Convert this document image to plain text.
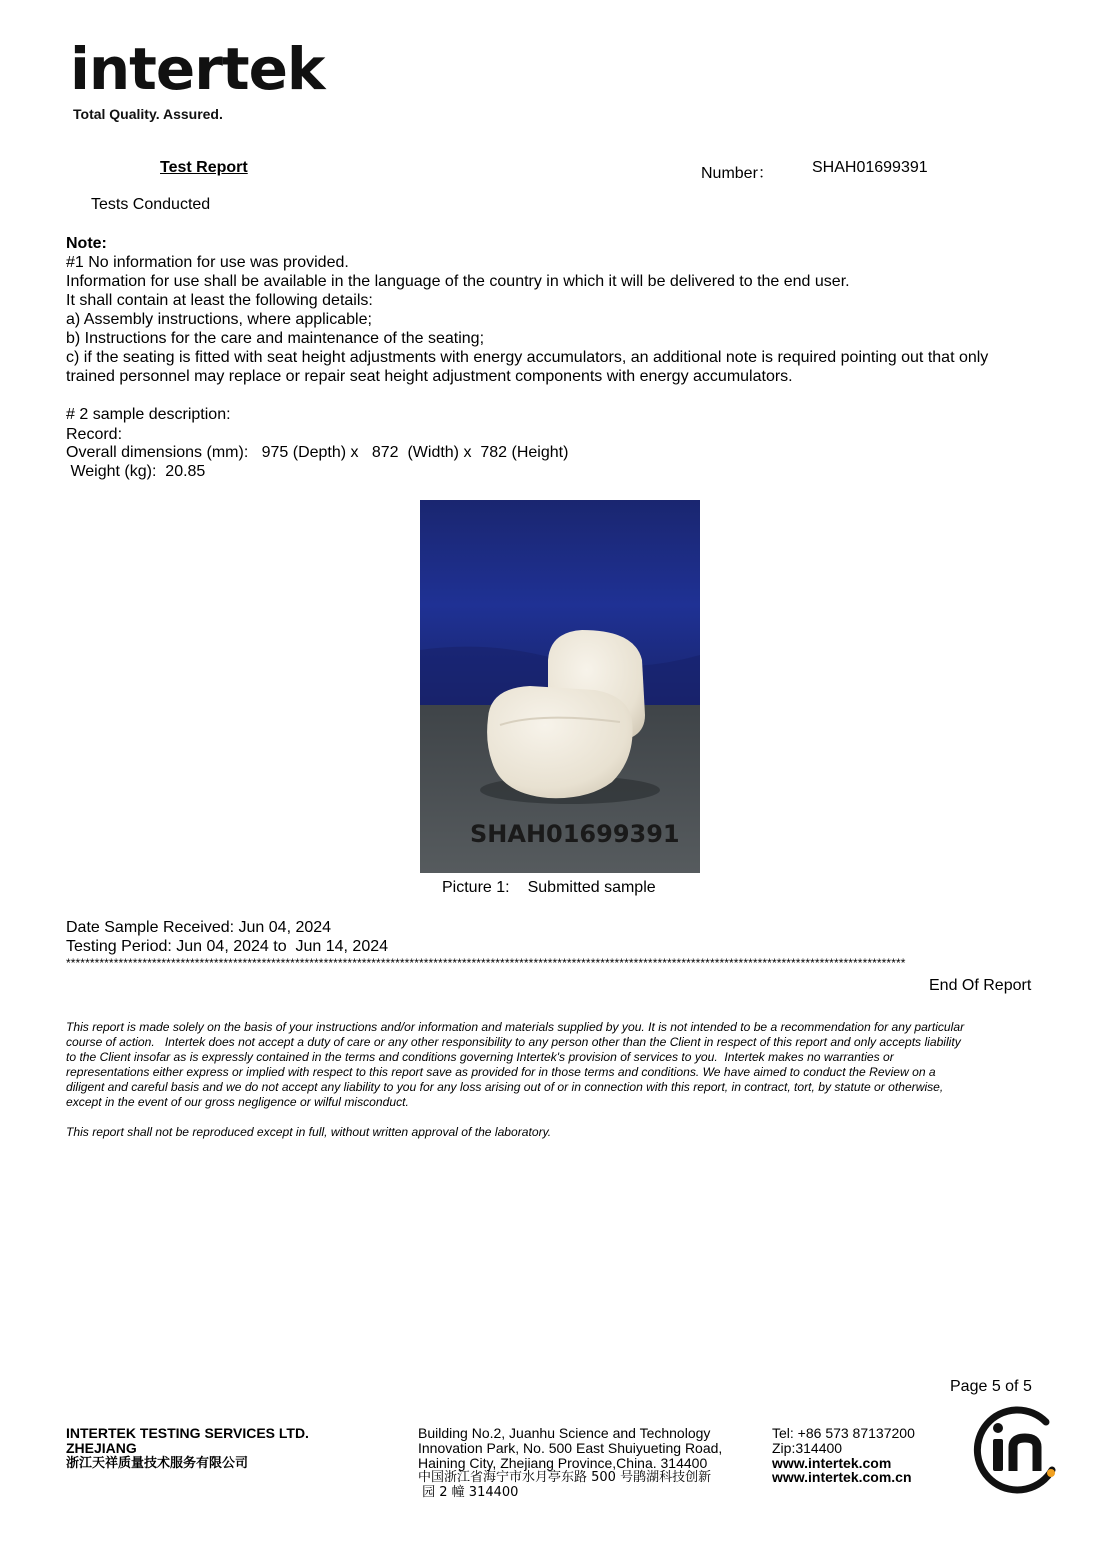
intertek
Total Quality. Assured.
Test Report	Number： SHAH01699391
Tests Conducted
Note:
#1 No information for use was provided.
Information for use shall be available in the language of the country in which it will be delivered to the end user.
It shall contain at least the following details:
a) Assembly instructions, where applicable;
b) Instructions for the care and maintenance of the seating;
c) if the seating is fitted with seat height adjustments with energy accumulators, an additional note is required pointing out that only
trained personnel may replace or repair seat height adjustment components with energy accumulators.
# 2 sample description:
Record:
Overall dimensions (mm):   975 (Depth) x   872  (Width) x  782 (Height)
Weight (kg):  20.85
SHAH01699391
Picture 1: Submitted sample
Date Sample Received: Jun 04, 2024
Testing Period: Jun 04, 2024 to  Jun 14, 2024
********************************************************************************************************************************************************************************
End Of Report
This report is made solely on the basis of your instructions and/or information and materials supplied by you. It is not intended to be a recommendation for any particular
course of action.   Intertek does not accept a duty of care or any other responsibility to any person other than the Client in respect of this report and only accepts liability
to the Client insofar as is expressly contained in the terms and conditions governing Intertek's provision of services to you.  Intertek makes no warranties or
representations either express or implied with respect to this report save as provided for in those terms and conditions. We have aimed to conduct the Review on a
diligent and careful basis and we do not accept any liability to you for any loss arising out of or in connection with this report, in contract, tort, by statute or otherwise,
except in the event of our gross negligence or wilful misconduct.
This report shall not be reproduced except in full, without written approval of the laboratory.
Page 5 of 5
INTERTEK TESTING SERVICES LTD.
ZHEJIANG
浙江天祥质量技术服务有限公司
Building No.2, Juanhu Science and Technology
Innovation Park, No. 500 East Shuiyueting Road,
Haining City, Zhejiang Province,China. 314400
中国浙江省海宁市水月亭东路 500 号鹃湖科技创新
园 2 幢 314400
Tel: +86 573 87137200
Zip:314400
www.intertek.com
www.intertek.com.cn
